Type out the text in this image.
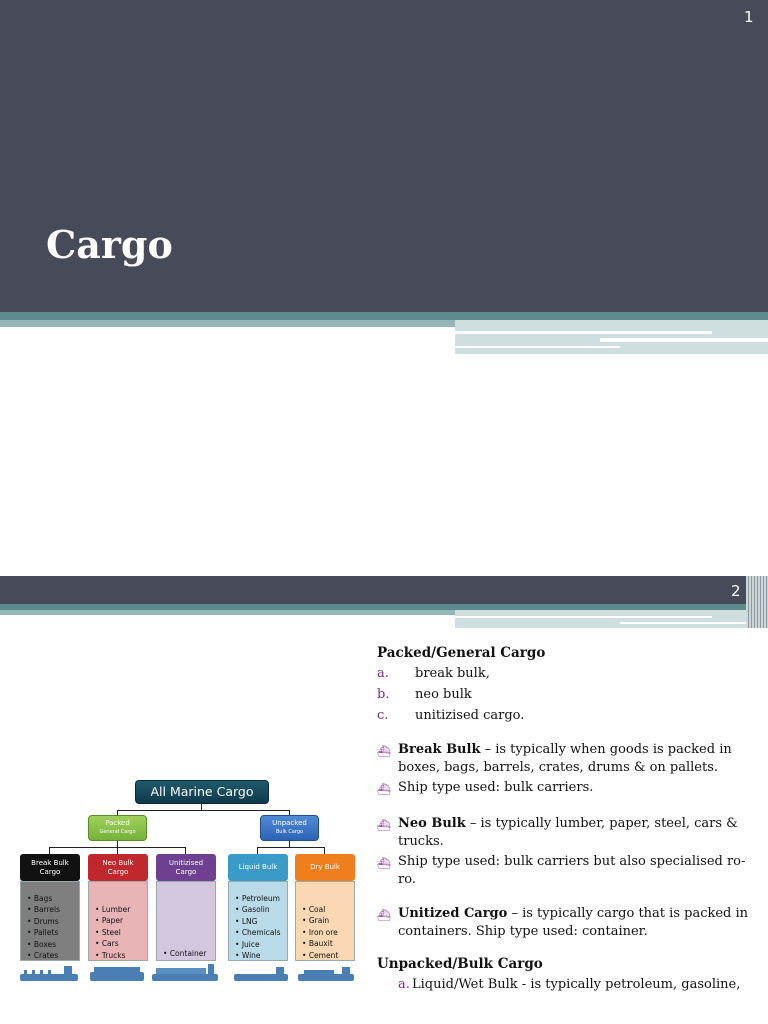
1
Cargo
2
All Marine Cargo
Packed
General Cargo
Unpacked
Bulk Cargo
Break Bulk Cargo
• Bags
• Barrels
• Drums
• Pallets
• Boxes
• Crates
Neo Bulk Cargo
• Lumber
• Paper
• Steel
• Cars
• Trucks
Unitizised Cargo
• Container
Liquid Bulk
• Petroleum
• Gasolin
• LNG
• Chemicals
• Juice
• Wine
Dry Bulk
• Coal
• Grain
• Iron ore
• Bauxit
• Cement
Packed/General Cargo
a.	break bulk,
b.	neo bulk
c.	unitizised cargo.
⛴ Break Bulk – is typically when goods is packed in boxes, bags, barrels, crates, drums & on pallets.
⛴ Ship type used: bulk carriers.
⛴ Neo Bulk – is typically lumber, paper, steel, cars & trucks.
⛴ Ship type used: bulk carriers but also specialised ro-ro.
⛴ Unitized Cargo – is typically cargo that is packed in containers. Ship type used: container.
Unpacked/Bulk Cargo
a. Liquid/Wet Bulk - is typically petroleum, gasoline,
